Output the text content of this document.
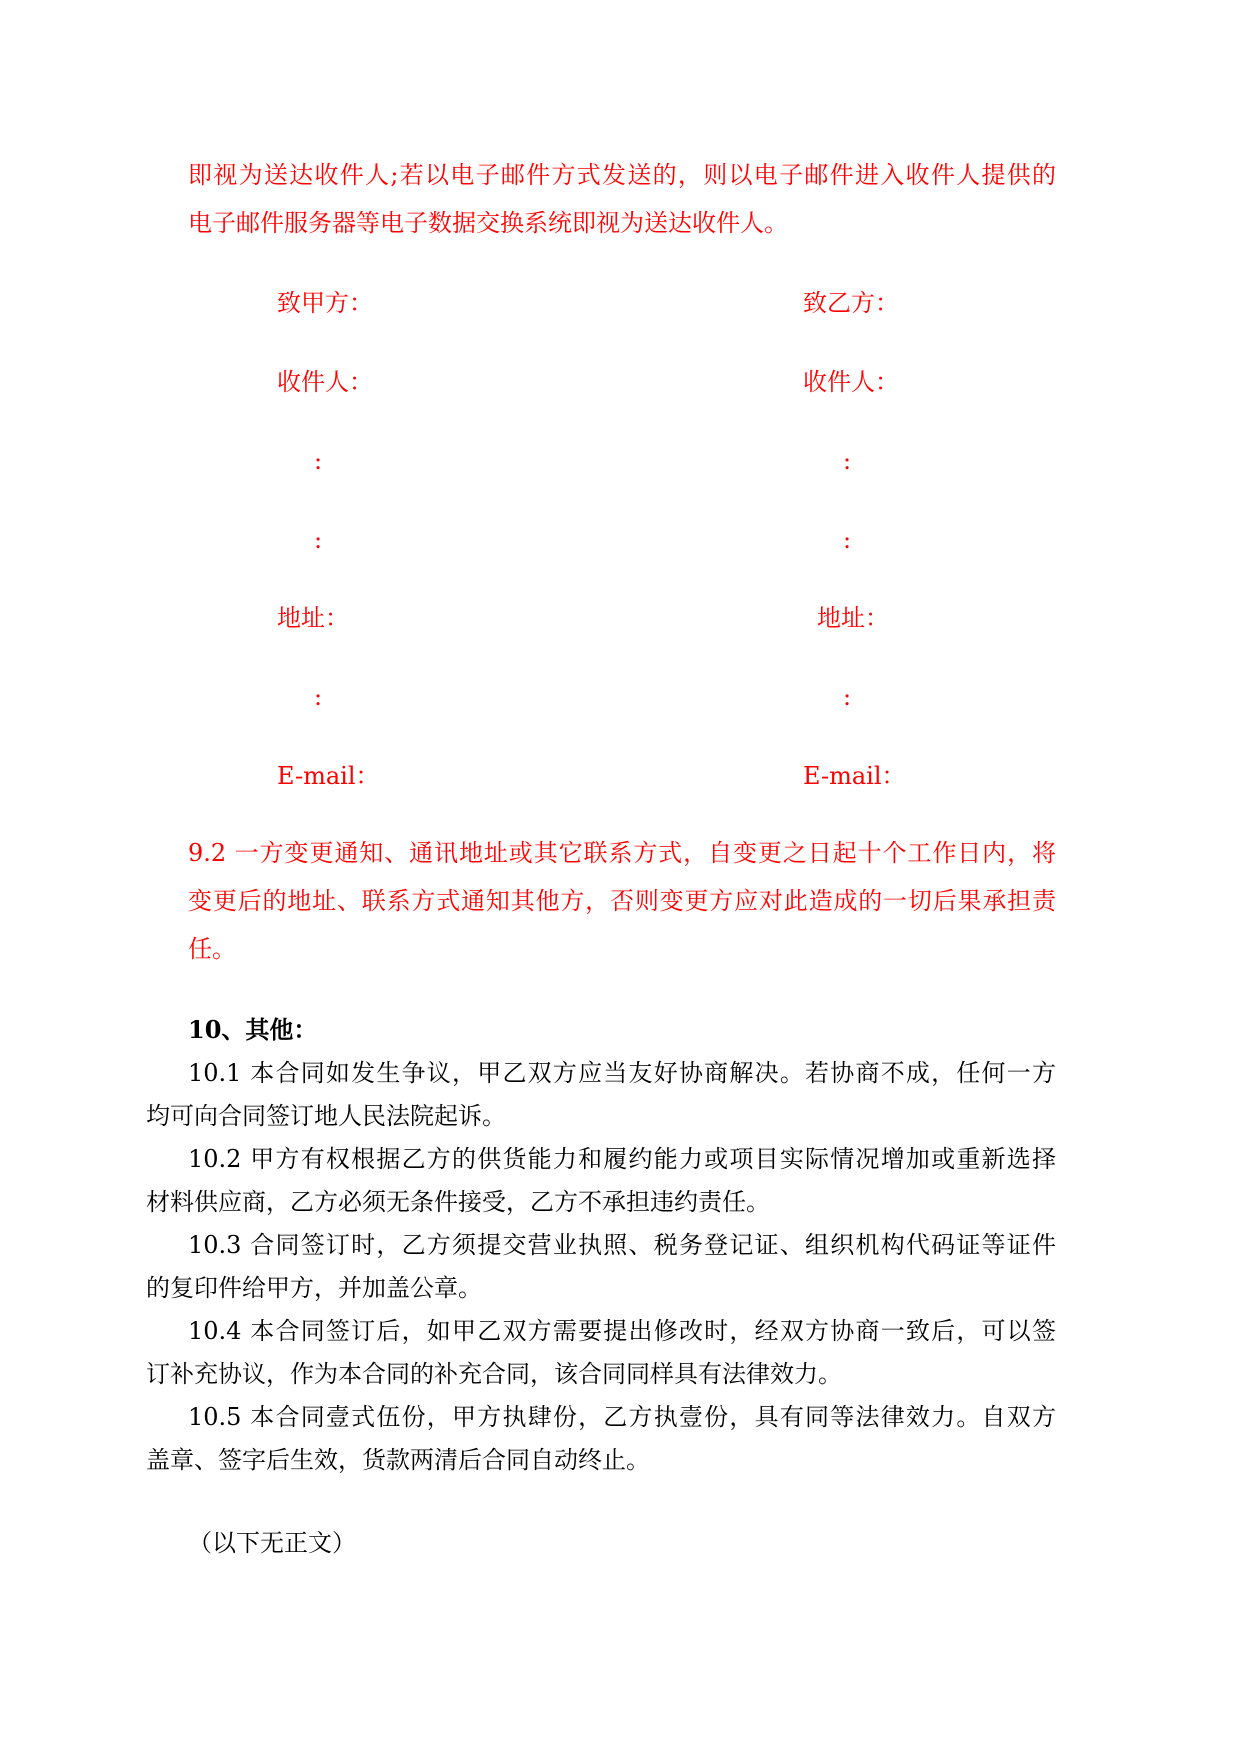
即视为送达收件人;若以电子邮件方式发送的，则以电子邮件进入收件人提供的
电子邮件服务器等电子数据交换系统即视为送达收件人。
致甲方：
收件人：
:
:
地址：
:
E-mail：
致乙方：
收件人：
:
:
地址：
:
E-mail：
9.2 一方变更通知、通讯地址或其它联系方式，自变更之日起十个工作日内，将
变更后的地址、联系方式通知其他方，否则变更方应对此造成的一切后果承担责
任。
10、其他：
10.1 本合同如发生争议，甲乙双方应当友好协商解决。若协商不成，任何一方
均可向合同签订地人民法院起诉。
10.2 甲方有权根据乙方的供货能力和履约能力或项目实际情况增加或重新选择
材料供应商，乙方必须无条件接受，乙方不承担违约责任。
10.3 合同签订时，乙方须提交营业执照、税务登记证、组织机构代码证等证件
的复印件给甲方，并加盖公章。
10.4 本合同签订后，如甲乙双方需要提出修改时，经双方协商一致后，可以签
订补充协议，作为本合同的补充合同，该合同同样具有法律效力。
10.5 本合同壹式伍份，甲方执肆份，乙方执壹份，具有同等法律效力。自双方
盖章、签字后生效，货款两清后合同自动终止。
（以下无正文）
